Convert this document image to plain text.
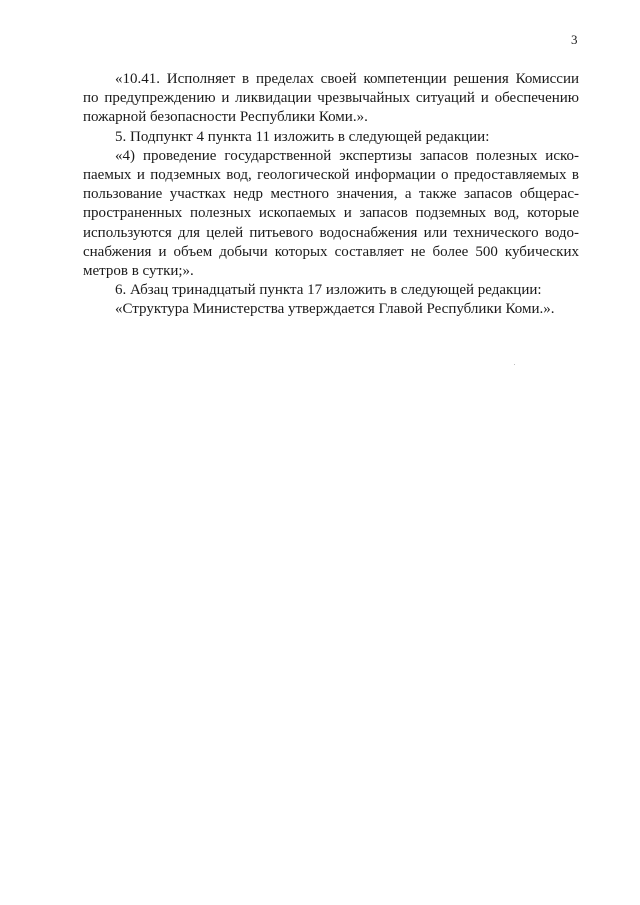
3
«10.41. Исполняет в пределах своей компетенции решения Комиссии
по предупреждению и ликвидации чрезвычайных ситуаций и обеспечению
пожарной безопасности Республики Коми.».
5. Подпункт 4 пункта 11 изложить в следующей редакции:
«4) проведение государственной экспертизы запасов полезных иско-
паемых и подземных вод, геологической информации о предоставляемых в
пользование участках недр местного значения, а также запасов общерас-
пространенных полезных ископаемых и запасов подземных вод, которые
используются для целей питьевого водоснабжения или технического водо-
снабжения и объем добычи которых составляет не более 500 кубических
метров в сутки;».
6. Абзац тринадцатый пункта 17 изложить в следующей редакции:
«Структура Министерства утверждается Главой Республики Коми.».
